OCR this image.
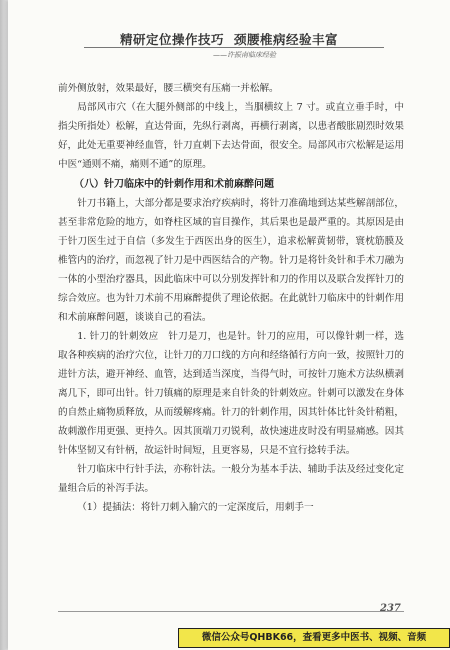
精研定位操作技巧 颈腰椎病经验丰富
——许振南临床经验

前外侧放射，效果最好，腰三横突有压痛一并松解。

局部风市穴（在大腿外侧部的中线上，当腘横纹上 7 寸。或直立垂手时，中指尖所指处）松解，直达骨面，先纵行剥离，再横行剥离，以患者酸胀剧烈时效果好，此处无重要神经血管，针刀直刺下去达骨面，很安全。局部风市穴松解是运用中医“通则不痛，痛则不通”的原理。

（八）针刀临床中的针刺作用和术前麻醉问题

针刀书籍上，大部分都是要求治疗疾病时，将针刀准确地到达某些解剖部位，甚至非常危险的地方，如脊柱区域的盲目操作，其后果也是最严重的。其原因是由于针刀医生过于自信（多发生于西医出身的医生），追求松解黄韧带，寰枕筋膜及椎管内的治疗，而忽视了针刀是中西医结合的产物。针刀是将针灸针和手术刀融为一体的小型治疗器具，因此临床中可以分别发挥针和刀的作用以及联合发挥针刀的综合效应。也为针刀术前不用麻醉提供了理论依据。在此就针刀临床中的针刺作用和术前麻醉问题，谈谈自己的看法。

1. 针刀的针刺效应　针刀是刀，也是针。针刀的应用，可以像针刺一样，选取各种疾病的治疗穴位，让针刀的刀口线的方向和经络循行方向一致，按照针刀的进针方法，避开神经、血管，达到适当深度，当得气时，可按针刀施术方法纵横剥离几下，即可出针。针刀镇痛的原理是来自针灸的针刺效应。针刺可以激发在身体的自然止痛物质释放，从而缓解疼痛。针刀的针刺作用，因其针体比针灸针稍粗，故刺激作用更强、更持久。因其顶端刀刃锐利，故快速进皮时没有明显痛感。因其针体坚韧又有针柄，故运针时间短，且更容易，只是不宜行捻转手法。

针刀临床中行针手法，亦称针法。一般分为基本手法、辅助手法及经过变化定量组合后的补泻手法。

（1）提插法：将针刀刺入腧穴的一定深度后，用刺手一

237
微信公众号QHBK66，查看更多中医书、视频、音频
